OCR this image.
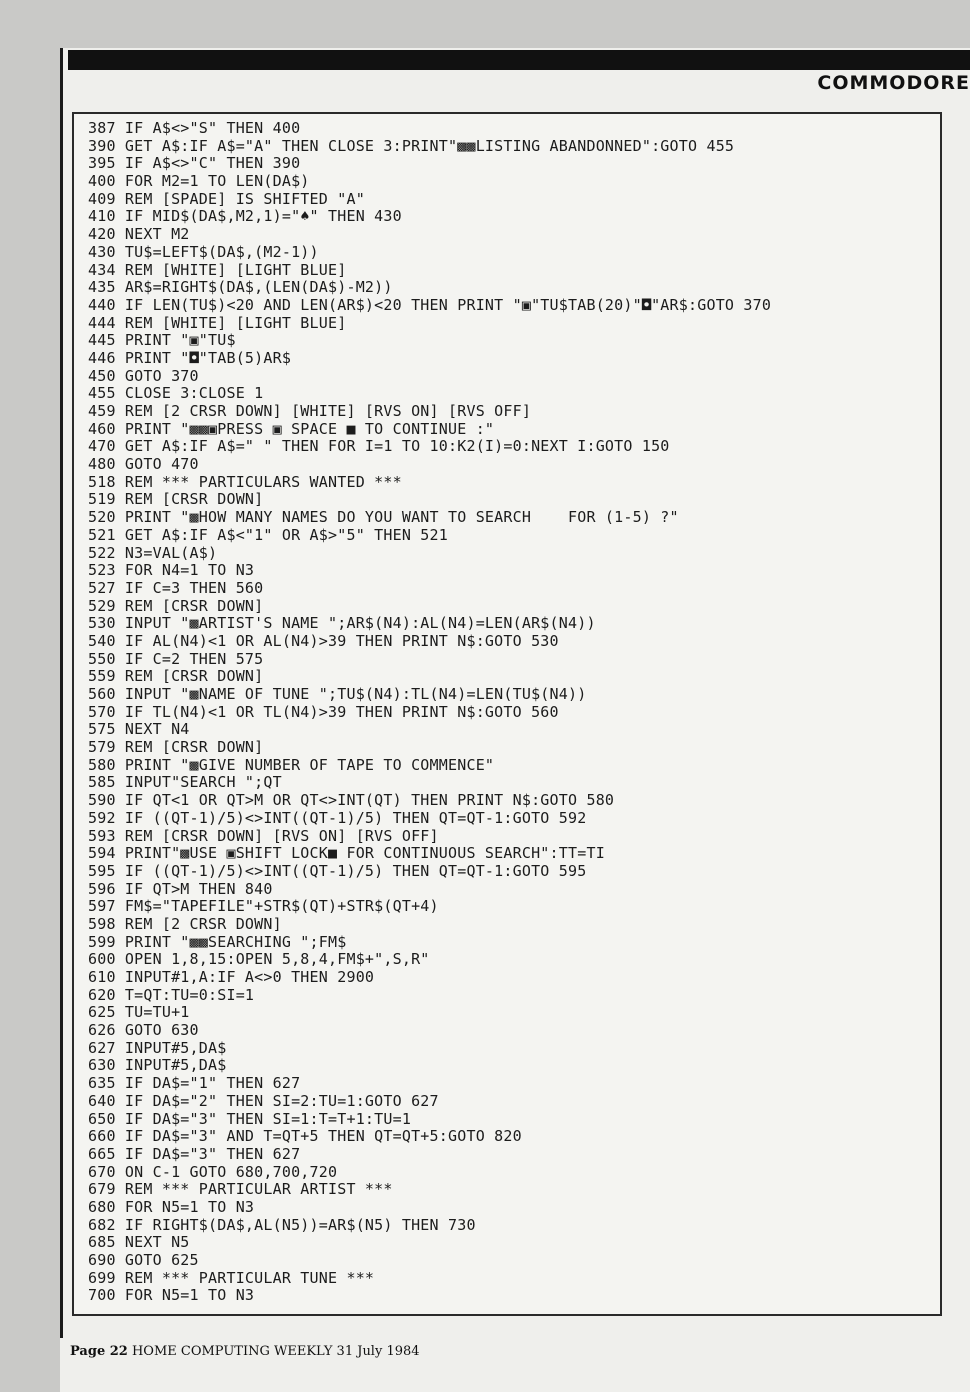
COMMODORE
387 IF A$<>"S" THEN 400
390 GET A$:IF A$="A" THEN CLOSE 3:PRINT"▩▩LISTING ABANDONNED":GOTO 455
395 IF A$<>"C" THEN 390
400 FOR M2=1 TO LEN(DA$)
409 REM [SPADE] IS SHIFTED "A"
410 IF MID$(DA$,M2,1)="♠" THEN 430
420 NEXT M2
430 TU$=LEFT$(DA$,(M2-1))
434 REM [WHITE] [LIGHT BLUE]
435 AR$=RIGHT$(DA$,(LEN(DA$)-M2))
440 IF LEN(TU$)<20 AND LEN(AR$)<20 THEN PRINT "▣"TU$TAB(20)"◘"AR$:GOTO 370
444 REM [WHITE] [LIGHT BLUE]
445 PRINT "▣"TU$
446 PRINT "◘"TAB(5)AR$
450 GOTO 370
455 CLOSE 3:CLOSE 1
459 REM [2 CRSR DOWN] [WHITE] [RVS ON] [RVS OFF]
460 PRINT "▩▩▣PRESS ▣ SPACE ■ TO CONTINUE :"
470 GET A$:IF A$=" " THEN FOR I=1 TO 10:K2(I)=0:NEXT I:GOTO 150
480 GOTO 470
518 REM *** PARTICULARS WANTED ***
519 REM [CRSR DOWN]
520 PRINT "▩HOW MANY NAMES DO YOU WANT TO SEARCH    FOR (1-5) ?"
521 GET A$:IF A$<"1" OR A$>"5" THEN 521
522 N3=VAL(A$)
523 FOR N4=1 TO N3
527 IF C=3 THEN 560
529 REM [CRSR DOWN]
530 INPUT "▩ARTIST'S NAME ";AR$(N4):AL(N4)=LEN(AR$(N4))
540 IF AL(N4)<1 OR AL(N4)>39 THEN PRINT N$:GOTO 530
550 IF C=2 THEN 575
559 REM [CRSR DOWN]
560 INPUT "▩NAME OF TUNE ";TU$(N4):TL(N4)=LEN(TU$(N4))
570 IF TL(N4)<1 OR TL(N4)>39 THEN PRINT N$:GOTO 560
575 NEXT N4
579 REM [CRSR DOWN]
580 PRINT "▩GIVE NUMBER OF TAPE TO COMMENCE"
585 INPUT"SEARCH ";QT
590 IF QT<1 OR QT>M OR QT<>INT(QT) THEN PRINT N$:GOTO 580
592 IF ((QT-1)/5)<>INT((QT-1)/5) THEN QT=QT-1:GOTO 592
593 REM [CRSR DOWN] [RVS ON] [RVS OFF]
594 PRINT"▩USE ▣SHIFT LOCK■ FOR CONTINUOUS SEARCH":TT=TI
595 IF ((QT-1)/5)<>INT((QT-1)/5) THEN QT=QT-1:GOTO 595
596 IF QT>M THEN 840
597 FM$="TAPEFILE"+STR$(QT)+STR$(QT+4)
598 REM [2 CRSR DOWN]
599 PRINT "▩▩SEARCHING ";FM$
600 OPEN 1,8,15:OPEN 5,8,4,FM$+",S,R"
610 INPUT#1,A:IF A<>0 THEN 2900
620 T=QT:TU=0:SI=1
625 TU=TU+1
626 GOTO 630
627 INPUT#5,DA$
630 INPUT#5,DA$
635 IF DA$="1" THEN 627
640 IF DA$="2" THEN SI=2:TU=1:GOTO 627
650 IF DA$="3" THEN SI=1:T=T+1:TU=1
660 IF DA$="3" AND T=QT+5 THEN QT=QT+5:GOTO 820
665 IF DA$="3" THEN 627
670 ON C-1 GOTO 680,700,720
679 REM *** PARTICULAR ARTIST ***
680 FOR N5=1 TO N3
682 IF RIGHT$(DA$,AL(N5))=AR$(N5) THEN 730
685 NEXT N5
690 GOTO 625
699 REM *** PARTICULAR TUNE ***
700 FOR N5=1 TO N3
Page 22 HOME COMPUTING WEEKLY 31 July 1984
